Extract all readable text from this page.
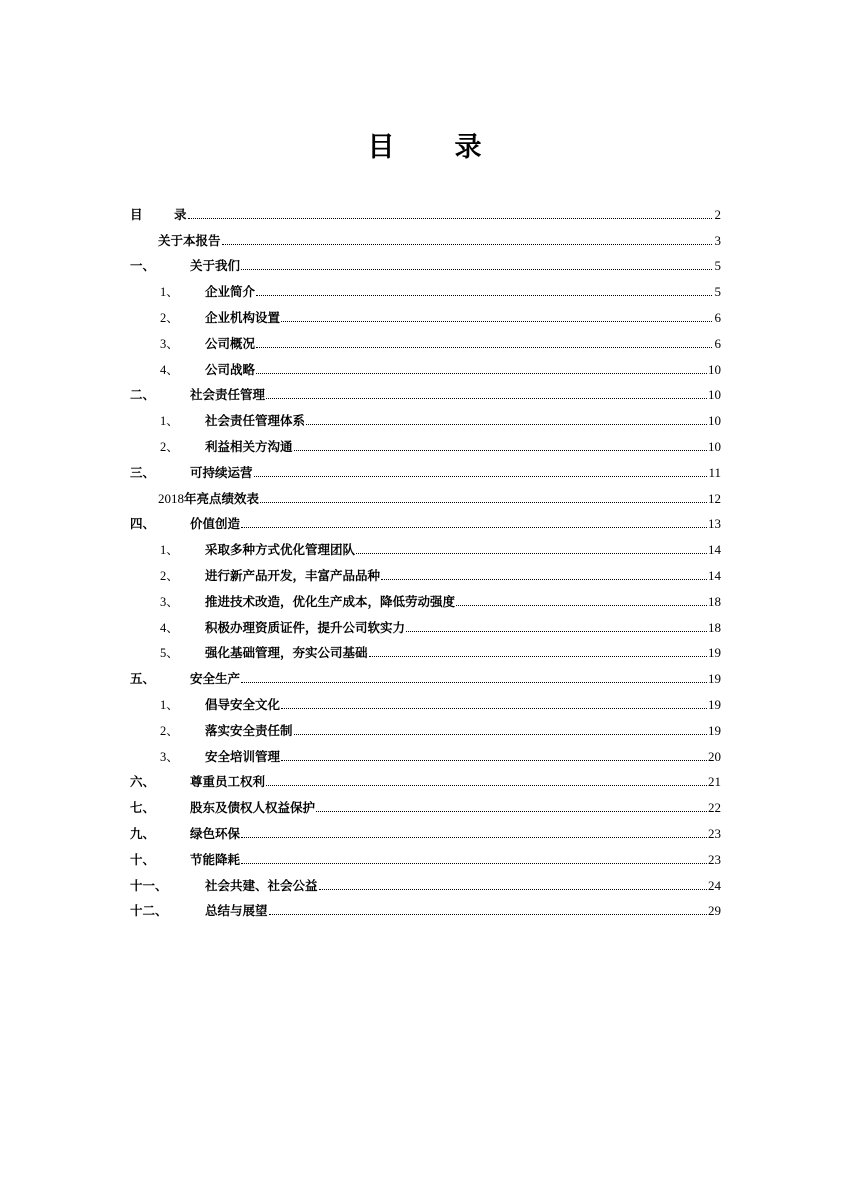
目 录
目	录	2
关于本报告	3
一、	关于我们	5
1、	企业简介	5
2、	企业机构设置	6
3、	公司概况	6
4、	公司战略	10
二、	社会责任管理	10
1、	社会责任管理体系	10
2、	利益相关方沟通	10
三、	可持续运营	11
2018 年亮点绩效表	12
四、	价值创造	13
1、	采取多种方式优化管理团队	14
2、	进行新产品开发，丰富产品品种	14
3、	推进技术改造，优化生产成本，降低劳动强度	18
4、	积极办理资质证件，提升公司软实力	18
5、	强化基础管理，夯实公司基础	19
五、	安全生产	19
1、	倡导安全文化	19
2、	落实安全责任制	19
3、	安全培训管理	20
六、	尊重员工权利	21
七、	股东及债权人权益保护	22
九、	绿色环保	23
十、	节能降耗	23
十一、	社会共建、社会公益	24
十二、	总结与展望	29
